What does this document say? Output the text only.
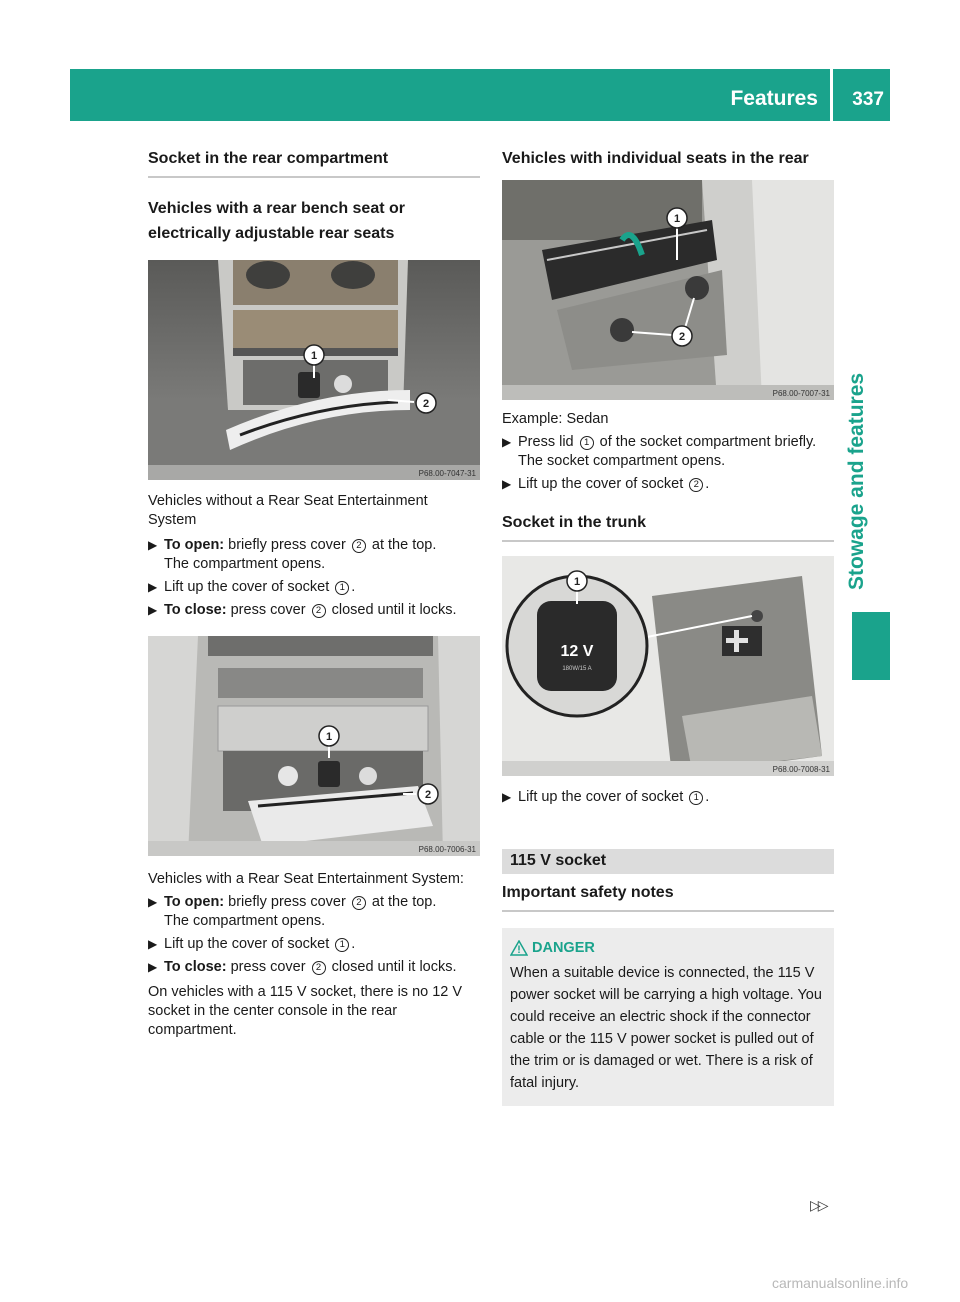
Features 337
Stowage and features
Socket in the rear compartment
Vehicles with a rear bench seat or electrically adjustable rear seats
1
2
P68.00-7047-31

Vehicles without a Rear Seat Entertainment System

▶ To open: briefly press cover 2 at the top.
The compartment opens.
▶ Lift up the cover of socket 1 .
▶ To close: press cover 2 closed until it locks.
1
2
P68.00-7006-31

Vehicles with a Rear Seat Entertainment System:

▶ To open: briefly press cover 2 at the top.
The compartment opens.
▶ Lift up the cover of socket 1 .
▶ To close: press cover 2 closed until it locks.

On vehicles with a 115 V socket, there is no 12 V socket in the center console in the rear compartment.

Vehicles with individual seats in the rear
1
2
P68.00-7007-31

Example: Sedan

▶ Press lid 1 of the socket compartment briefly.
The socket compartment opens.
▶ Lift up the cover of socket 2 .
Socket in the trunk
12 V
180W/15 A
1
P68.00-7008-31
▶ Lift up the cover of socket 1 .
115 V socket
Important safety notes
DANGER

When a suitable device is connected, the 115 V power socket will be carrying a high voltage. You could receive an electric shock if the connector cable or the 115 V power socket is pulled out of the trim or is damaged or wet. There is a risk of fatal injury.

▷▷
carmanualsonline.info
